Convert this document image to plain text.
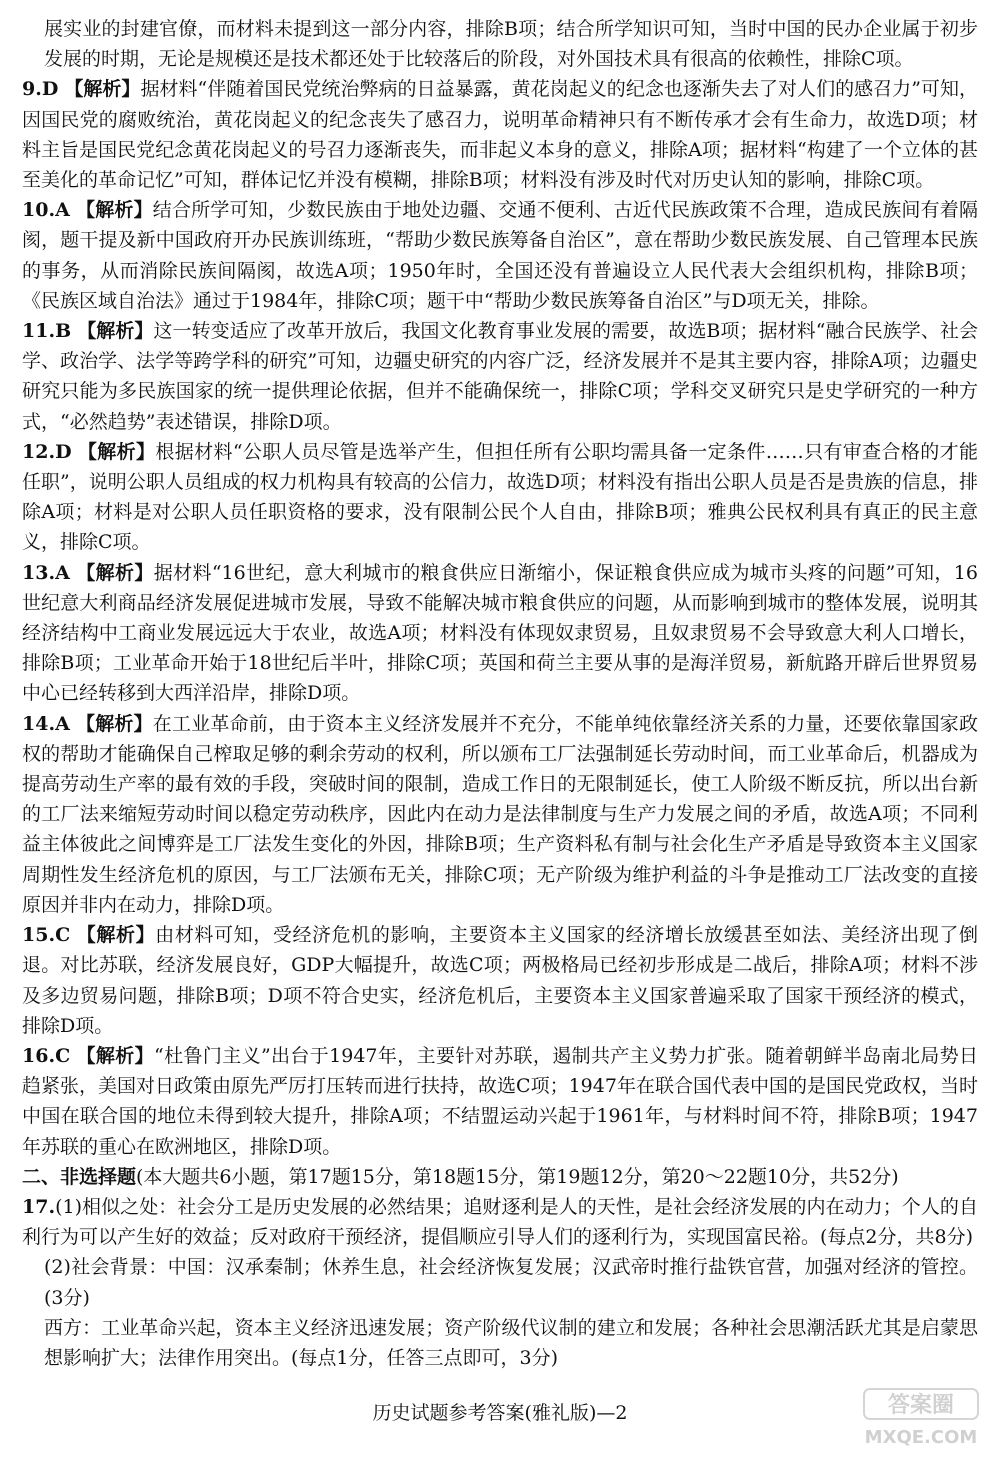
展实业的封建官僚，而材料未提到这一部分内容，排除B项；结合所学知识可知，当时中国的民办企业属于初步发展的时期，无论是规模还是技术都还处于比较落后的阶段，对外国技术具有很高的依赖性，排除C项。

9.D 【解析】据材料“伴随着国民党统治弊病的日益暴露，黄花岗起义的纪念也逐渐失去了对人们的感召力”可知，因国民党的腐败统治，黄花岗起义的纪念丧失了感召力，说明革命精神只有不断传承才会有生命力，故选D项；材料主旨是国民党纪念黄花岗起义的号召力逐渐丧失，而非起义本身的意义，排除A项；据材料“构建了一个立体的甚至美化的革命记忆”可知，群体记忆并没有模糊，排除B项；材料没有涉及时代对历史认知的影响，排除C项。
10.A 【解析】结合所学可知，少数民族由于地处边疆、交通不便利、古近代民族政策不合理，造成民族间有着隔阂，题干提及新中国政府开办民族训练班，“帮助少数民族筹备自治区”，意在帮助少数民族发展、自己管理本民族的事务，从而消除民族间隔阂，故选A项；1950年时，全国还没有普遍设立人民代表大会组织机构，排除B项；《民族区域自治法》通过于1984年，排除C项；题干中“帮助少数民族筹备自治区”与D项无关，排除。
11.B 【解析】这一转变适应了改革开放后，我国文化教育事业发展的需要，故选B项；据材料“融合民族学、社会学、政治学、法学等跨学科的研究”可知，边疆史研究的内容广泛，经济发展并不是其主要内容，排除A项；边疆史研究只能为多民族国家的统一提供理论依据，但并不能确保统一，排除C项；学科交叉研究只是史学研究的一种方式，“必然趋势”表述错误，排除D项。
12.D 【解析】根据材料“公职人员尽管是选举产生，但担任所有公职均需具备一定条件……只有审查合格的才能任职”，说明公职人员组成的权力机构具有较高的公信力，故选D项；材料没有指出公职人员是否是贵族的信息，排除A项；材料是对公职人员任职资格的要求，没有限制公民个人自由，排除B项；雅典公民权利具有真正的民主意义，排除C项。
13.A 【解析】据材料“16世纪，意大利城市的粮食供应日渐缩小，保证粮食供应成为城市头疼的问题”可知，16世纪意大利商品经济发展促进城市发展，导致不能解决城市粮食供应的问题，从而影响到城市的整体发展，说明其经济结构中工商业发展远远大于农业，故选A项；材料没有体现奴隶贸易，且奴隶贸易不会导致意大利人口增长，排除B项；工业革命开始于18世纪后半叶，排除C项；英国和荷兰主要从事的是海洋贸易，新航路开辟后世界贸易中心已经转移到大西洋沿岸，排除D项。
14.A 【解析】在工业革命前，由于资本主义经济发展并不充分，不能单纯依靠经济关系的力量，还要依靠国家政权的帮助才能确保自己榨取足够的剩余劳动的权利，所以颁布工厂法强制延长劳动时间，而工业革命后，机器成为提高劳动生产率的最有效的手段，突破时间的限制，造成工作日的无限制延长，使工人阶级不断反抗，所以出台新的工厂法来缩短劳动时间以稳定劳动秩序，因此内在动力是法律制度与生产力发展之间的矛盾，故选A项；不同利益主体彼此之间博弈是工厂法发生变化的外因，排除B项；生产资料私有制与社会化生产矛盾是导致资本主义国家周期性发生经济危机的原因，与工厂法颁布无关，排除C项；无产阶级为维护利益的斗争是推动工厂法改变的直接原因并非内在动力，排除D项。
15.C 【解析】由材料可知，受经济危机的影响，主要资本主义国家的经济增长放缓甚至如法、美经济出现了倒退。对比苏联，经济发展良好，GDP大幅提升，故选C项；两极格局已经初步形成是二战后，排除A项；材料不涉及多边贸易问题，排除B项；D项不符合史实，经济危机后，主要资本主义国家普遍采取了国家干预经济的模式，排除D项。
16.C 【解析】“杜鲁门主义”出台于1947年，主要针对苏联，遏制共产主义势力扩张。随着朝鲜半岛南北局势日趋紧张，美国对日政策由原先严厉打压转而进行扶持，故选C项；1947年在联合国代表中国的是国民党政权，当时中国在联合国的地位未得到较大提升，排除A项；不结盟运动兴起于1961年，与材料时间不符，排除B项；1947年苏联的重心在欧洲地区，排除D项。

二、非选择题(本大题共6小题，第17题15分，第18题15分，第19题12分，第20～22题10分，共52分)

17.(1)相似之处：社会分工是历史发展的必然结果；追财逐利是人的天性，是社会经济发展的内在动力；个人的自利行为可以产生好的效益；反对政府干预经济，提倡顺应引导人们的逐利行为，实现国富民裕。(每点2分，共8分)

(2)社会背景：中国：汉承秦制；休养生息，社会经济恢复发展；汉武帝时推行盐铁官营，加强对经济的管控。(3分)

西方：工业革命兴起，资本主义经济迅速发展；资产阶级代议制的建立和发展；各种社会思潮活跃尤其是启蒙思想影响扩大；法律作用突出。(每点1分，任答三点即可，3分)

历史试题参考答案(雅礼版)—2	答案圈
MXQE.COM
